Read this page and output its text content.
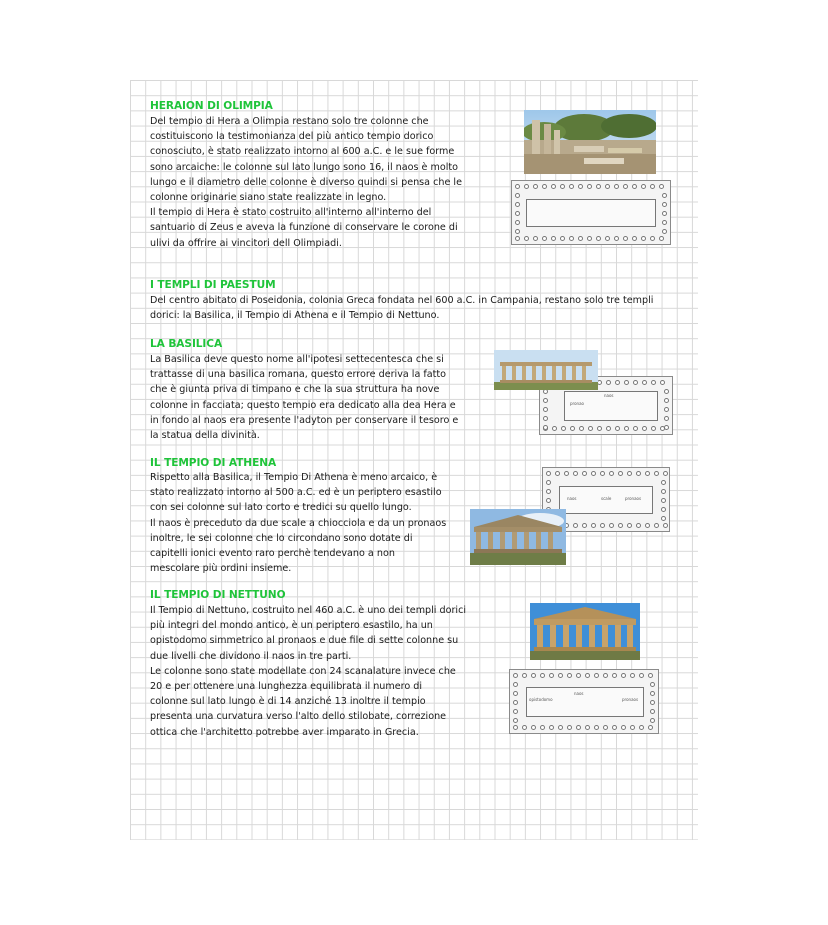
HERAION DI OLIMPIA
Del tempio di Hera a Olimpia restano solo tre colonne che
costituiscono la testimonianza del più antico tempio dorico
conosciuto, è stato realizzato intorno al 600 a.C. e le sue forme
sono arcaiche: le colonne sul lato lungo sono 16, il naos è molto
lungo e il diametro delle colonne è diverso quindi si pensa che le
colonne originarie siano state realizzate in legno.
Il tempio di Hera è stato costruito all'interno all'interno del
santuario di Zeus e aveva la funzione di conservare le corone di
ulivi da offrire ai vincitori dell Olimpiadi.
I TEMPLI DI PAESTUM
Del centro abitato di Poseidonia, colonia Greca fondata nel 600 a.C. in Campania, restano solo tre templi
dorici: la Basilica, il Tempio di Athena e il Tempio di Nettuno.
LA BASILICA
La Basilica deve questo nome all'ipotesi settecentesca che si
trattasse di una basilica romana, questo errore deriva la fatto
che è giunta priva di timpano e che la sua struttura ha nove
colonne in facciata; questo tempio era dedicato alla dea Hera e
in fondo al naos era presente l'adyton per conservare il tesoro e
la statua della divinità.
pronao
naos
IL TEMPIO DI ATHENA
Rispetto alla Basilica, il Tempio Di Athena è meno arcaico, è
stato realizzato intorno al 500 a.C. ed è un periptero esastilo
con sei colonne sul lato corto e tredici su quello lungo.
Il naos è preceduto da due scale a chiocciola e da un pronaos
inoltre, le sei colonne che lo circondano sono dotate di
capitelli ionici evento raro perchè tendevano a non
mescolare più ordini insieme.
naos	scale	pronaos
IL TEMPIO DI NETTUNO
Il Tempio di Nettuno, costruito nel 460 a.C. è uno dei templi dorici
più integri del mondo antico, è un periptero esastilo, ha un
opistodomo simmetrico al pronaos e due file di sette colonne su
due livelli che dividono il naos in tre parti.
Le colonne sono state modellate con 24 scanalature invece che
20 e per ottenere una lunghezza equilibrata il numero di
colonne sul lato lungo è di 14 anziché 13 inoltre il tempio
presenta una curvatura verso l'alto dello stilobate, correzione
ottica che l'architetto potrebbe aver imparato in Grecia.
opistodomo
naos
pronaos
